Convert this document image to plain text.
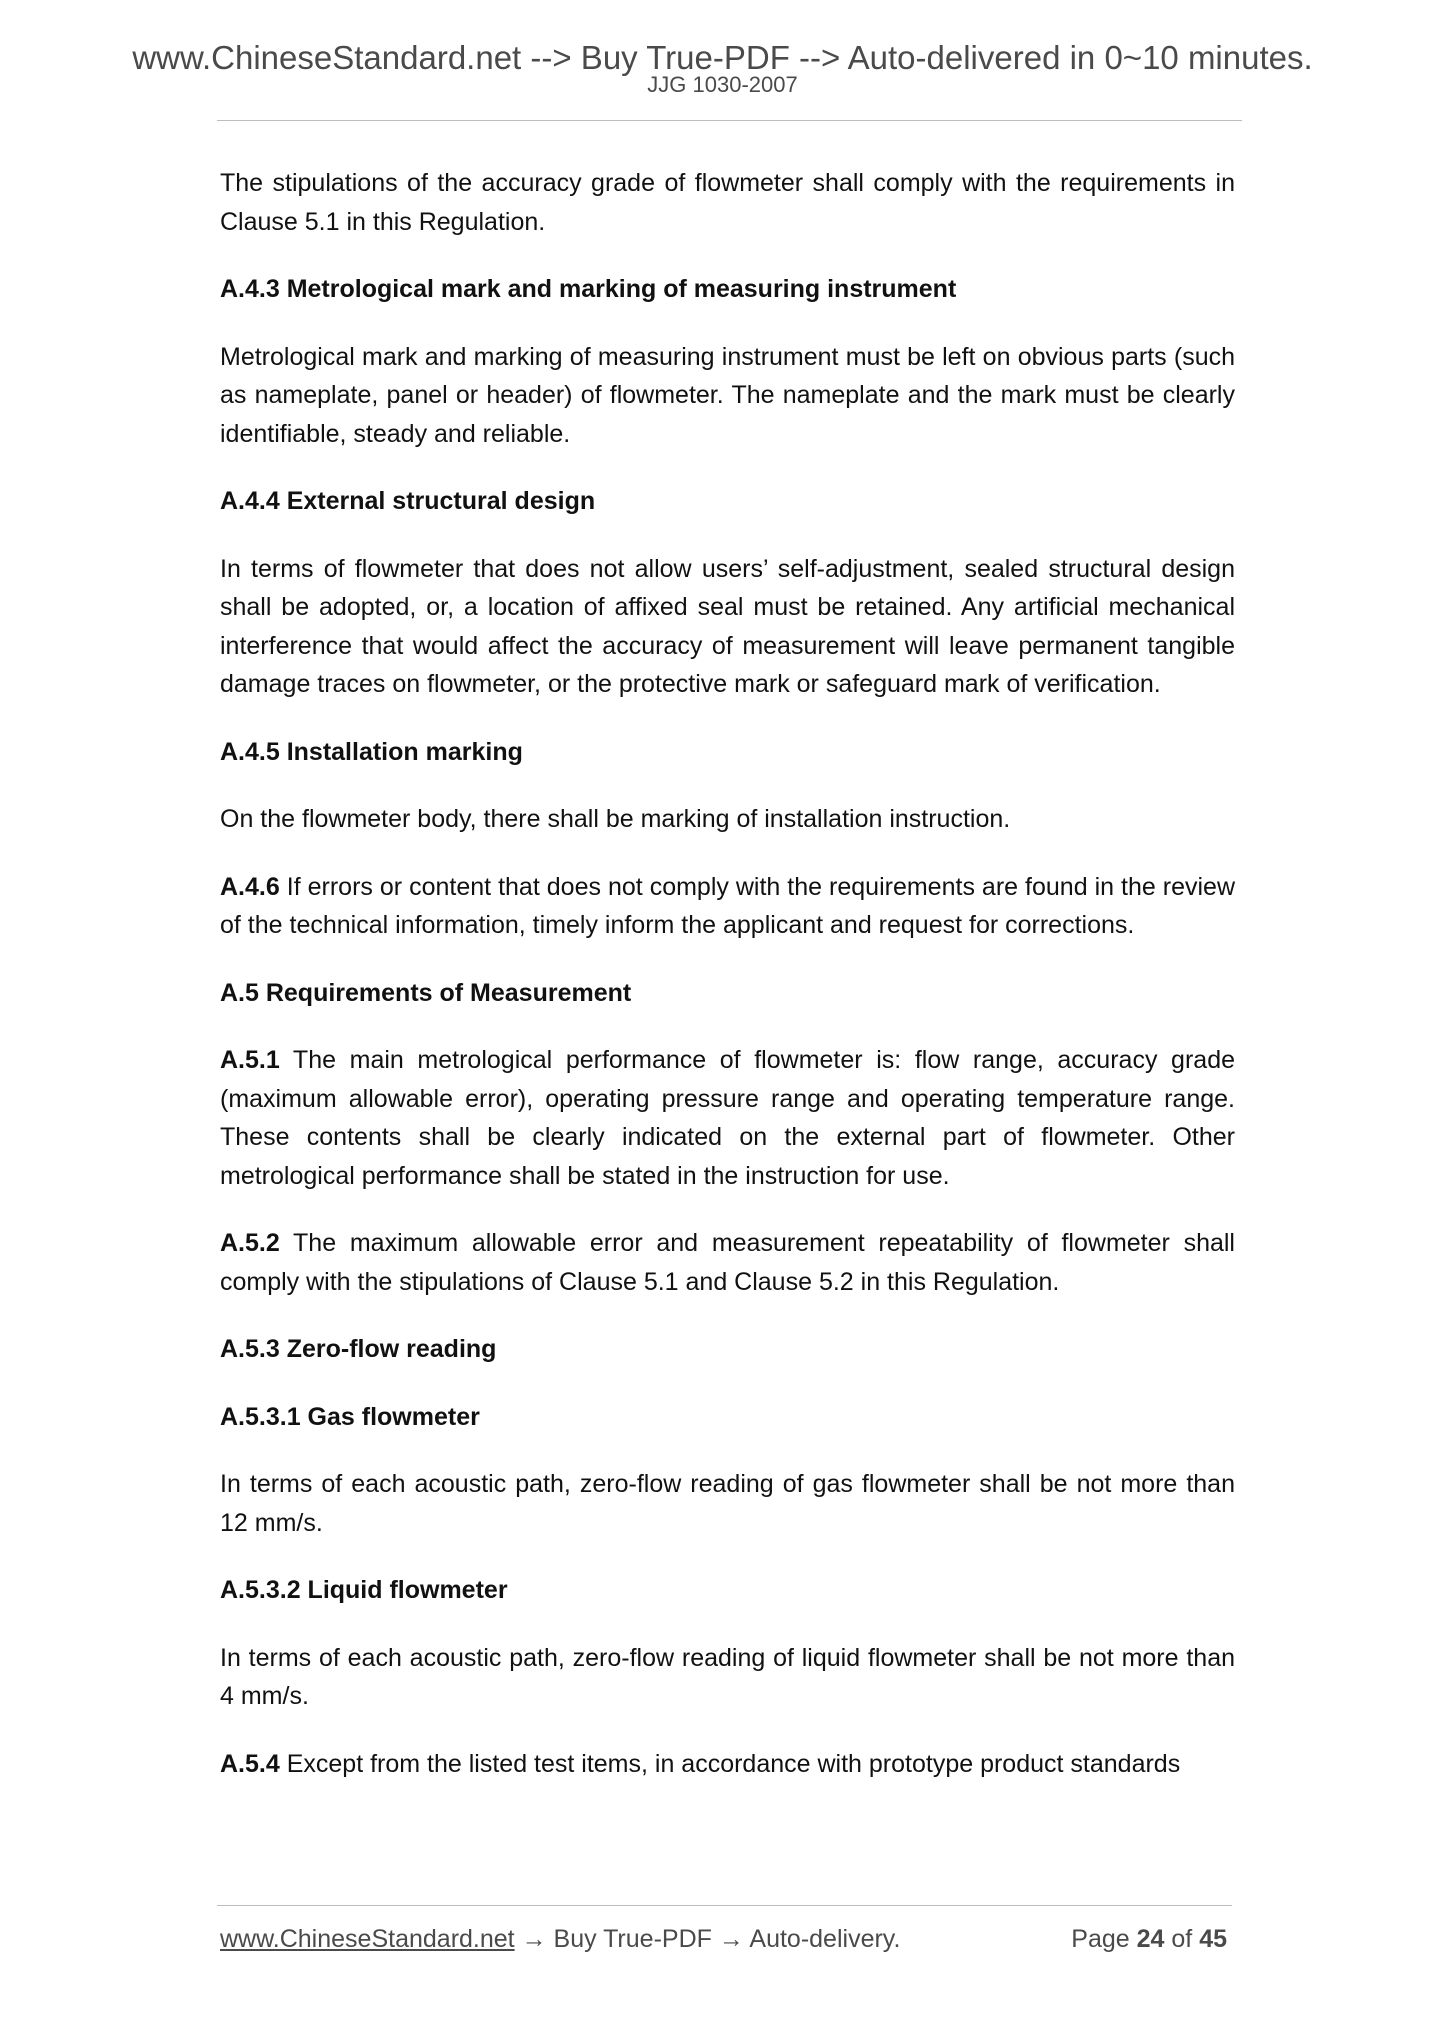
www.ChineseStandard.net --> Buy True-PDF --> Auto-delivered in 0~10 minutes.
JJG 1030-2007

The stipulations of the accuracy grade of flowmeter shall comply with the requirements in Clause 5.1 in this Regulation.

A.4.3 Metrological mark and marking of measuring instrument

Metrological mark and marking of measuring instrument must be left on obvious parts (such as nameplate, panel or header) of flowmeter. The nameplate and the mark must be clearly identifiable, steady and reliable.

A.4.4 External structural design

In terms of flowmeter that does not allow users’ self-adjustment, sealed structural design shall be adopted, or, a location of affixed seal must be retained. Any artificial mechanical interference that would affect the accuracy of measurement will leave permanent tangible damage traces on flowmeter, or the protective mark or safeguard mark of verification.

A.4.5 Installation marking

On the flowmeter body, there shall be marking of installation instruction.

A.4.6 If errors or content that does not comply with the requirements are found in the review of the technical information, timely inform the applicant and request for corrections.

A.5 Requirements of Measurement

A.5.1 The main metrological performance of flowmeter is: flow range, accuracy grade (maximum allowable error), operating pressure range and operating temperature range. These contents shall be clearly indicated on the external part of flowmeter. Other metrological performance shall be stated in the instruction for use.

A.5.2 The maximum allowable error and measurement repeatability of flowmeter shall comply with the stipulations of Clause 5.1 and Clause 5.2 in this Regulation.

A.5.3 Zero-flow reading

A.5.3.1 Gas flowmeter

In terms of each acoustic path, zero-flow reading of gas flowmeter shall be not more than 12 mm/s.

A.5.3.2 Liquid flowmeter

In terms of each acoustic path, zero-flow reading of liquid flowmeter shall be not more than 4 mm/s.

A.5.4 Except from the listed test items, in accordance with prototype product standards

www.ChineseStandard.net → Buy True-PDF → Auto-delivery.	Page 24 of 45
